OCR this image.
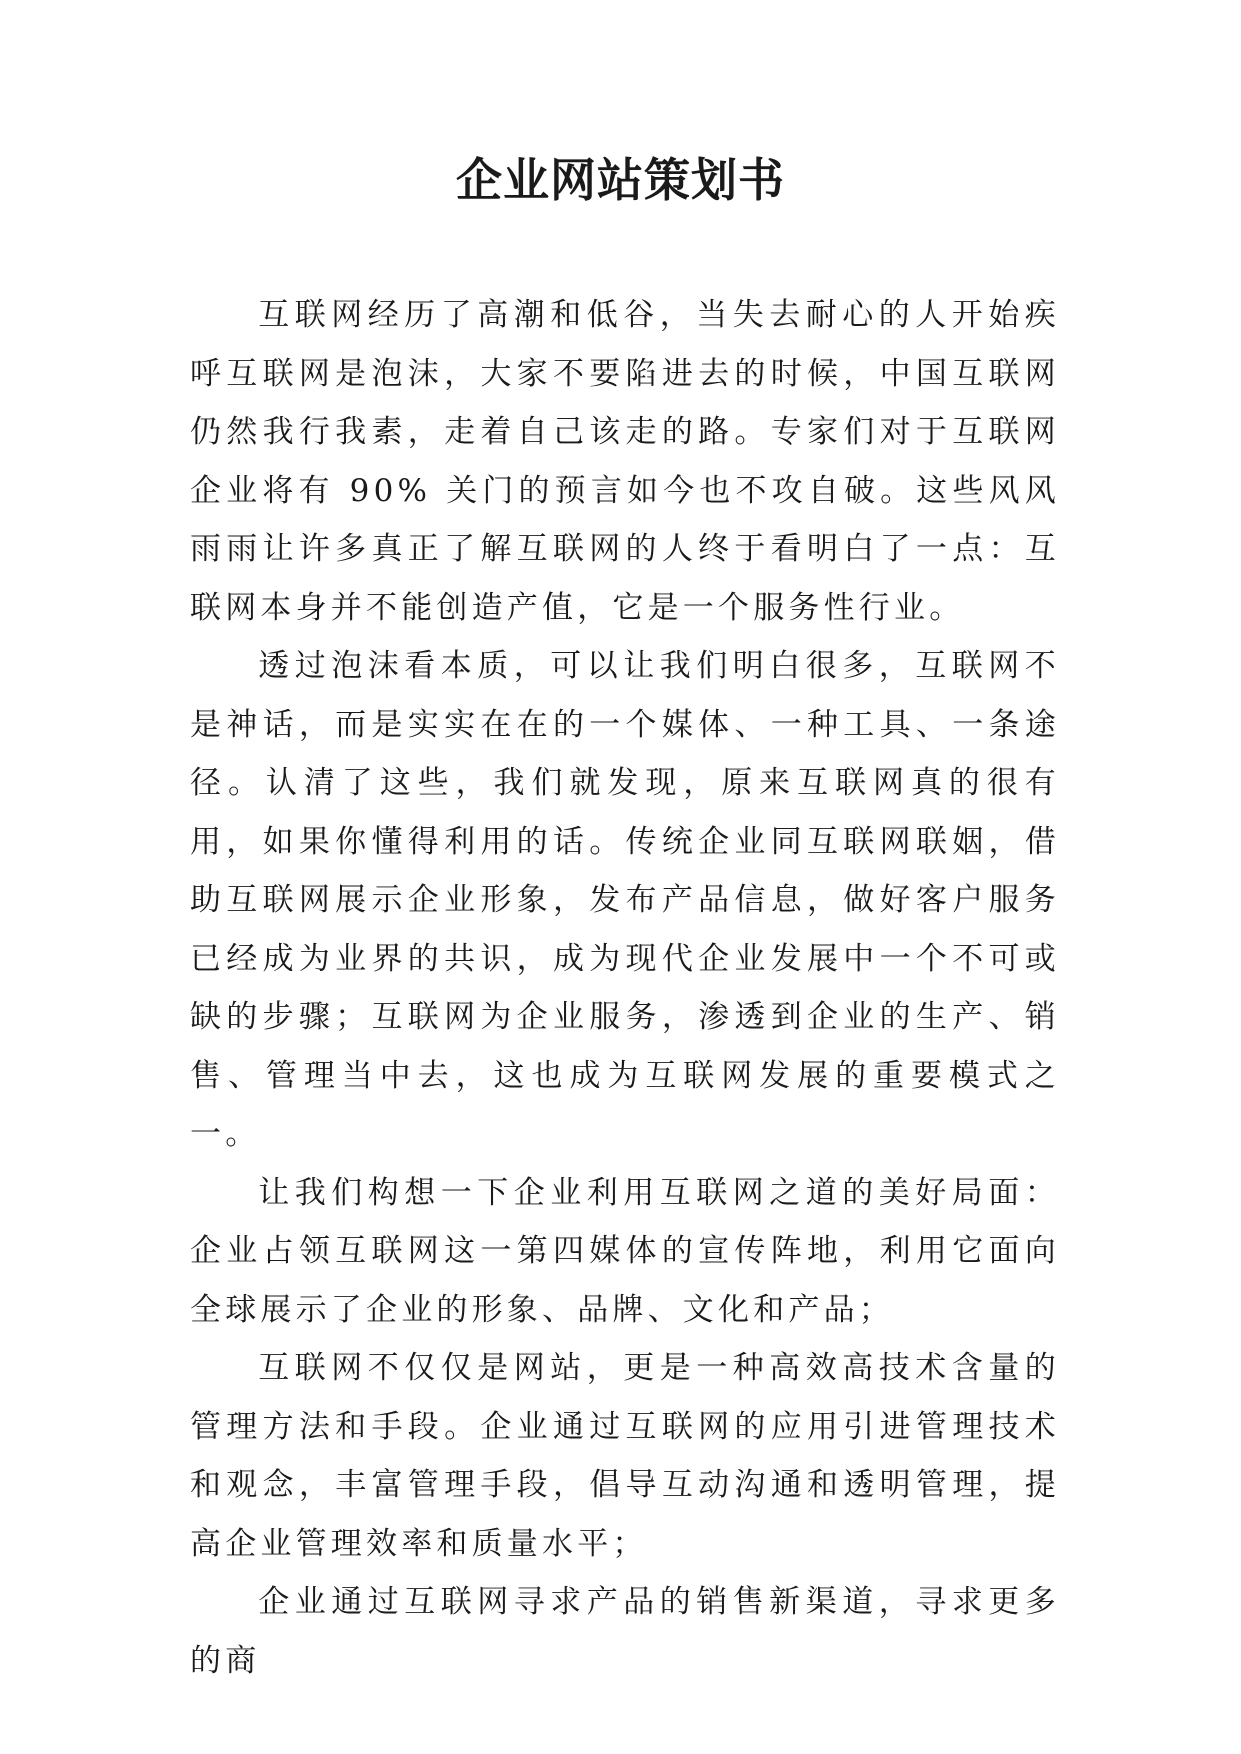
企业网站策划书

互联网经历了高潮和低谷，当失去耐心的人开始疾呼互联网是泡沫，大家不要陷进去的时候，中国互联网仍然我行我素，走着自己该走的路。专家们对于互联网企业将有 90% 关门的预言如今也不攻自破。这些风风雨雨让许多真正了解互联网的人终于看明白了一点：互联网本身并不能创造产值，它是一个服务性行业。

透过泡沫看本质，可以让我们明白很多，互联网不是神话，而是实实在在的一个媒体、一种工具、一条途径。认清了这些，我们就发现，原来互联网真的很有用，如果你懂得利用的话。传统企业同互联网联姻，借助互联网展示企业形象，发布产品信息，做好客户服务已经成为业界的共识，成为现代企业发展中一个不可或缺的步骤；互联网为企业服务，渗透到企业的生产、销售、管理当中去，这也成为互联网发展的重要模式之一。

让我们构想一下企业利用互联网之道的美好局面：企业占领互联网这一第四媒体的宣传阵地，利用它面向全球展示了企业的形象、品牌、文化和产品；

互联网不仅仅是网站，更是一种高效高技术含量的管理方法和手段。企业通过互联网的应用引进管理技术和观念，丰富管理手段，倡导互动沟通和透明管理，提高企业管理效率和质量水平；

企业通过互联网寻求产品的销售新渠道，寻求更多的商
